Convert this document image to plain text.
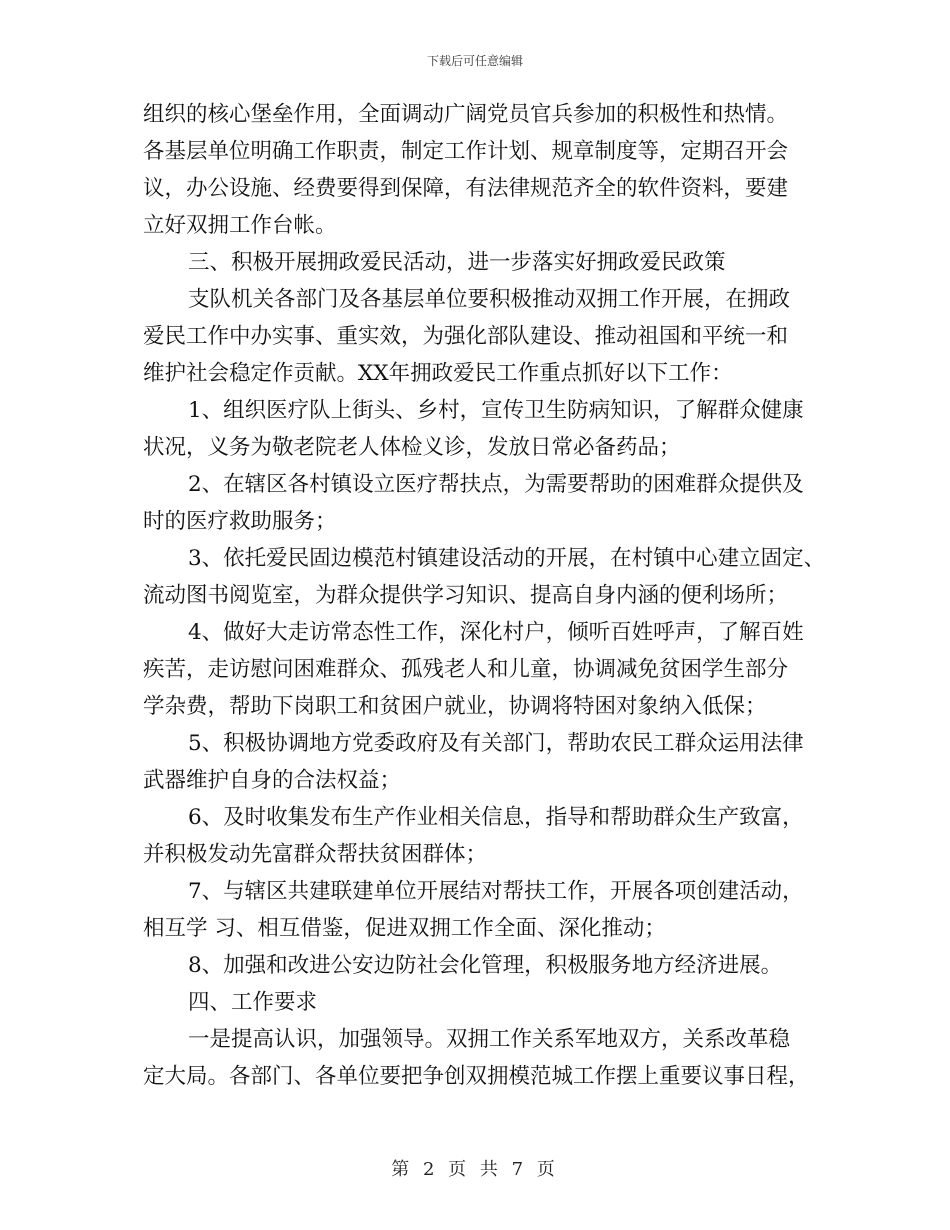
下载后可任意编辑
组织的核心堡垒作用，全面调动广阔党员官兵参加的积极性和热情。
各基层单位明确工作职责，制定工作计划、规章制度等，定期召开会
议，办公设施、经费要得到保障，有法律规范齐全的软件资料，要建
立好双拥工作台帐。
三、积极开展拥政爱民活动，进一步落实好拥政爱民政策
支队机关各部门及各基层单位要积极推动双拥工作开展，在拥政
爱民工作中办实事、重实效，为强化部队建设、推动祖国和平统一和
维护社会稳定作贡献。XX年拥政爱民工作重点抓好以下工作：
1、组织医疗队上街头、乡村，宣传卫生防病知识，了解群众健康
状况，义务为敬老院老人体检义诊，发放日常必备药品；
2、在辖区各村镇设立医疗帮扶点，为需要帮助的困难群众提供及
时的医疗救助服务；
3、依托爱民固边模范村镇建设活动的开展，在村镇中心建立固定、
流动图书阅览室，为群众提供学习知识、提高自身内涵的便利场所；
4、做好大走访常态性工作，深化村户，倾听百姓呼声，了解百姓
疾苦，走访慰问困难群众、孤残老人和儿童，协调减免贫困学生部分
学杂费，帮助下岗职工和贫困户就业，协调将特困对象纳入低保；
5、积极协调地方党委政府及有关部门，帮助农民工群众运用法律
武器维护自身的合法权益；
6、及时收集发布生产作业相关信息，指导和帮助群众生产致富，
并积极发动先富群众帮扶贫困群体；
7、与辖区共建联建单位开展结对帮扶工作，开展各项创建活动，
相互学 习、相互借鉴，促进双拥工作全面、深化推动；
8、加强和改进公安边防社会化管理，积极服务地方经济进展。
四、工作要求
一是提高认识，加强领导。双拥工作关系军地双方，关系改革稳
定大局。各部门、各单位要把争创双拥模范城工作摆上重要议事日程，
第 2 页 共 7 页
